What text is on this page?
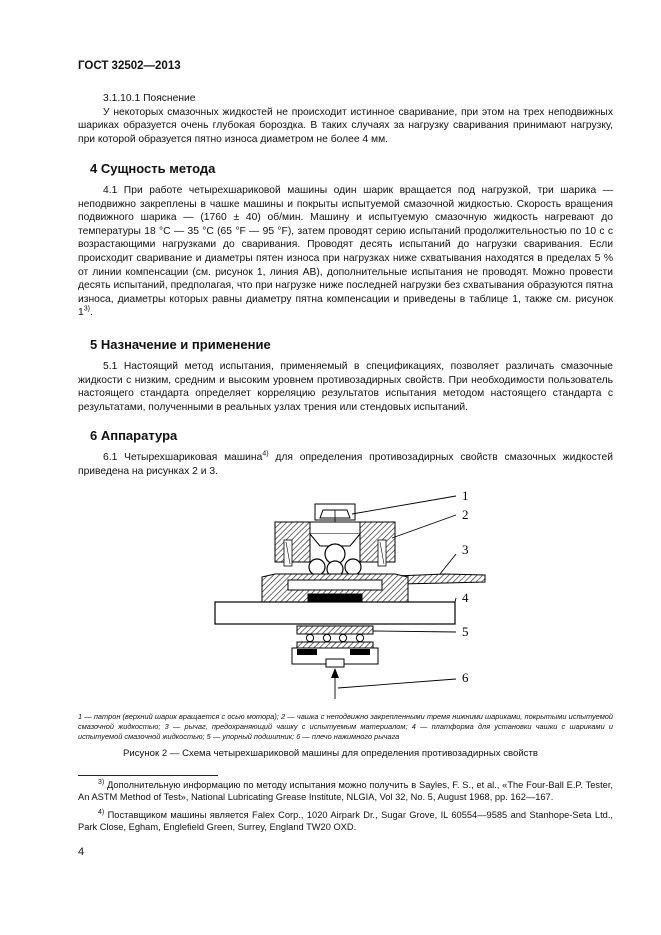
ГОСТ 32502—2013

3.1.10.1 Пояснение

У некоторых смазочных жидкостей не происходит истинное сваривание, при этом на трех неподвижных шариках образуется очень глубокая бороздка. В таких случаях за нагрузку сваривания принимают нагрузку, при которой образуется пятно износа диаметром не более 4 мм.

4 Сущность метода

4.1 При работе четырехшариковой машины один шарик вращается под нагрузкой, три шарика — неподвижно закреплены в чашке машины и покрыты испытуемой смазочной жидкостью. Скорость вращения подвижного шарика — (1760 ± 40) об/мин. Машину и испытуемую смазочную жидкость нагревают до температуры 18 °С — 35 °С (65 °F — 95 °F), затем проводят серию испытаний продолжительностью по 10 с с возрастающими нагрузками до сваривания. Проводят десять испытаний до нагрузки сваривания. Если происходит сваривание и диаметры пятен износа при нагрузках ниже схватывания находятся в пределах 5 % от линии компенсации (см. рисунок 1, линия АВ), дополнительные испытания не проводят. Можно провести десять испытаний, предполагая, что при нагрузке ниже последней нагрузки без схватывания образуются пятна износа, диаметры которых равны диаметру пятна компенсации и приведены в таблице 1, также см. рисунок 1$^{3)}$.

5 Назначение и применение

5.1 Настоящий метод испытания, применяемый в спецификациях, позволяет различать смазочные жидкости с низким, средним и высоким уровнем противозадирных свойств. При необходимости пользователь настоящего стандарта определяет корреляцию результатов испытания методом настоящего стандарта с результатами, полученными в реальных узлах трения или стендовых испытаний.

6 Аппаратура

6.1 Четырехшариковая машина$^{4)}$ для определения противозадирных свойств смазочных жидкостей приведена на рисунках 2 и 3.

1
2
3
4
5
6
1 — патрон (верхний шарик вращается с осью мотора); 2 — чашка с неподвижно закрепленными тремя нижними шариками, покрытыми испытуемой смазочной жидкостью; 3 — рычаг, предохраняющий чашку с испытуемым материалом; 4 — платформа для установки чашки с шариками и испытуемой смазочной жидкостью; 5 — упорный подшипник; 6 — плечо нажимного рычага
Рисунок 2 — Схема четырехшариковой машины для определения противозадирных свойств

$^{3)}$ Дополнительную информацию по методу испытания можно получить в Sayles, F. S., et al., «The Four-Ball E.P. Tester, An ASTM Method of Test», National Lubricating Grease Institute, NLGIA, Vol 32, No. 5, August 1968, pp. 162—167.

$^{4)}$ Поставщиком машины является Falex Corp., 1020 Airpark Dr., Sugar Grove, IL 60554—9585 and Stanhope-Seta Ltd., Park Close, Egham, Englefield Green, Surrey, England TW20 OXD.

4
